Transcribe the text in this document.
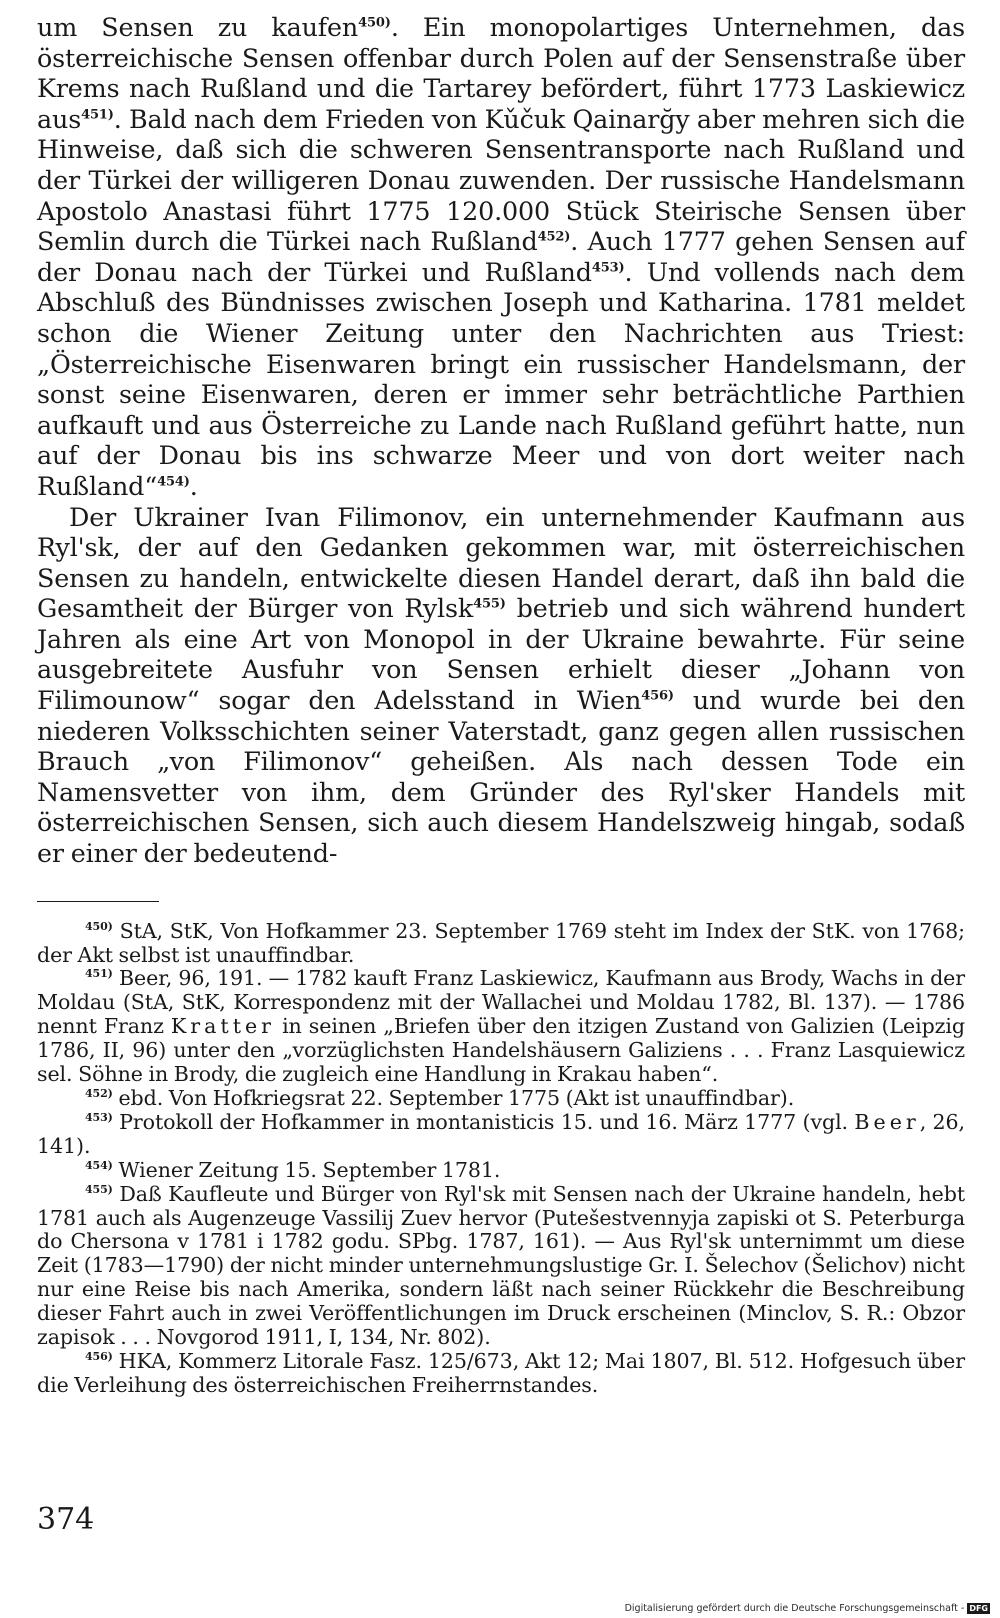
um Sensen zu kaufen$^{450)}$. Ein monopolartiges Unternehmen, das österreichische Sensen offenbar durch Polen auf der Sensenstraße über Krems nach Rußland und die Tartarey befördert, führt 1773 Laskiewicz aus$^{451)}$. Bald nach dem Frieden von Kǔčuk Qainarğy aber mehren sich die Hinweise, daß sich die schweren Sensentransporte nach Rußland und der Türkei der willigeren Donau zuwenden. Der russische Handelsmann Apostolo Anastasi führt 1775 120.000 Stück Steirische Sensen über Semlin durch die Türkei nach Rußland$^{452)}$. Auch 1777 gehen Sensen auf der Donau nach der Türkei und Rußland$^{453)}$. Und vollends nach dem Abschluß des Bündnisses zwischen Joseph und Katharina. 1781 meldet schon die Wiener Zeitung unter den Nachrichten aus Triest: „Österreichische Eisenwaren bringt ein russischer Handelsmann, der sonst seine Eisenwaren, deren er immer sehr beträchtliche Parthien aufkauft und aus Österreiche zu Lande nach Rußland geführt hatte, nun auf der Donau bis ins schwarze Meer und von dort weiter nach Rußland“$^{454)}$.

Der Ukrainer Ivan Filimonov, ein unternehmender Kaufmann aus Ryl'sk, der auf den Gedanken gekommen war, mit österreichischen Sensen zu handeln, entwickelte diesen Handel derart, daß ihn bald die Gesamtheit der Bürger von Rylsk$^{455)}$ betrieb und sich während hundert Jahren als eine Art von Monopol in der Ukraine bewahrte. Für seine ausgebreitete Ausfuhr von Sensen erhielt dieser „Johann von Filimounow“ sogar den Adelsstand in Wien$^{456)}$ und wurde bei den niederen Volksschichten seiner Vaterstadt, ganz gegen allen russischen Brauch „von Filimonov“ geheißen. Als nach dessen Tode ein Namensvetter von ihm, dem Gründer des Ryl'sker Handels mit österreichischen Sensen, sich auch diesem Handelszweig hingab, sodaß er einer der bedeutend-

$^{450)}$ StA, StK, Von Hofkammer 23. September 1769 steht im Index der StK. von 1768; der Akt selbst ist unauffindbar.

$^{451)}$ Beer, 96, 191. — 1782 kauft Franz Laskiewicz, Kaufmann aus Brody, Wachs in der Moldau (StA, StK, Korrespondenz mit der Wallachei und Moldau 1782, Bl. 137). — 1786 nennt Franz Kratter in seinen „Briefen über den itzigen Zustand von Galizien (Leipzig 1786, II, 96) unter den „vorzüglichsten Handelshäusern Galiziens . . . Franz Lasquiewicz sel. Söhne in Brody, die zugleich eine Handlung in Krakau haben“.

$^{452)}$ ebd. Von Hofkriegsrat 22. September 1775 (Akt ist unauffindbar).

$^{453)}$ Protokoll der Hofkammer in montanisticis 15. und 16. März 1777 (vgl. Beer, 26, 141).

$^{454)}$ Wiener Zeitung 15. September 1781.

$^{455)}$ Daß Kaufleute und Bürger von Ryl'sk mit Sensen nach der Ukraine handeln, hebt 1781 auch als Augenzeuge Vassilij Zuev hervor (Putešestvennyja zapiski ot S. Peterburga do Chersona v 1781 i 1782 godu. SPbg. 1787, 161). — Aus Ryl'sk unternimmt um diese Zeit (1783—1790) der nicht minder unternehmungslustige Gr. I. Šelechov (Šelichov) nicht nur eine Reise bis nach Amerika, sondern läßt nach seiner Rückkehr die Beschreibung dieser Fahrt auch in zwei Veröffentlichungen im Druck erscheinen (Minclov, S. R.: Obzor zapisok . . . Novgorod 1911, I, 134, Nr. 802).

$^{456)}$ HKA, Kommerz Litorale Fasz. 125/673, Akt 12; Mai 1807, Bl. 512. Hofgesuch über die Verleihung des österreichischen Freiherrnstandes.

374
Digitalisierung gefördert durch die Deutsche Forschungsgemeinschaft - DFG
